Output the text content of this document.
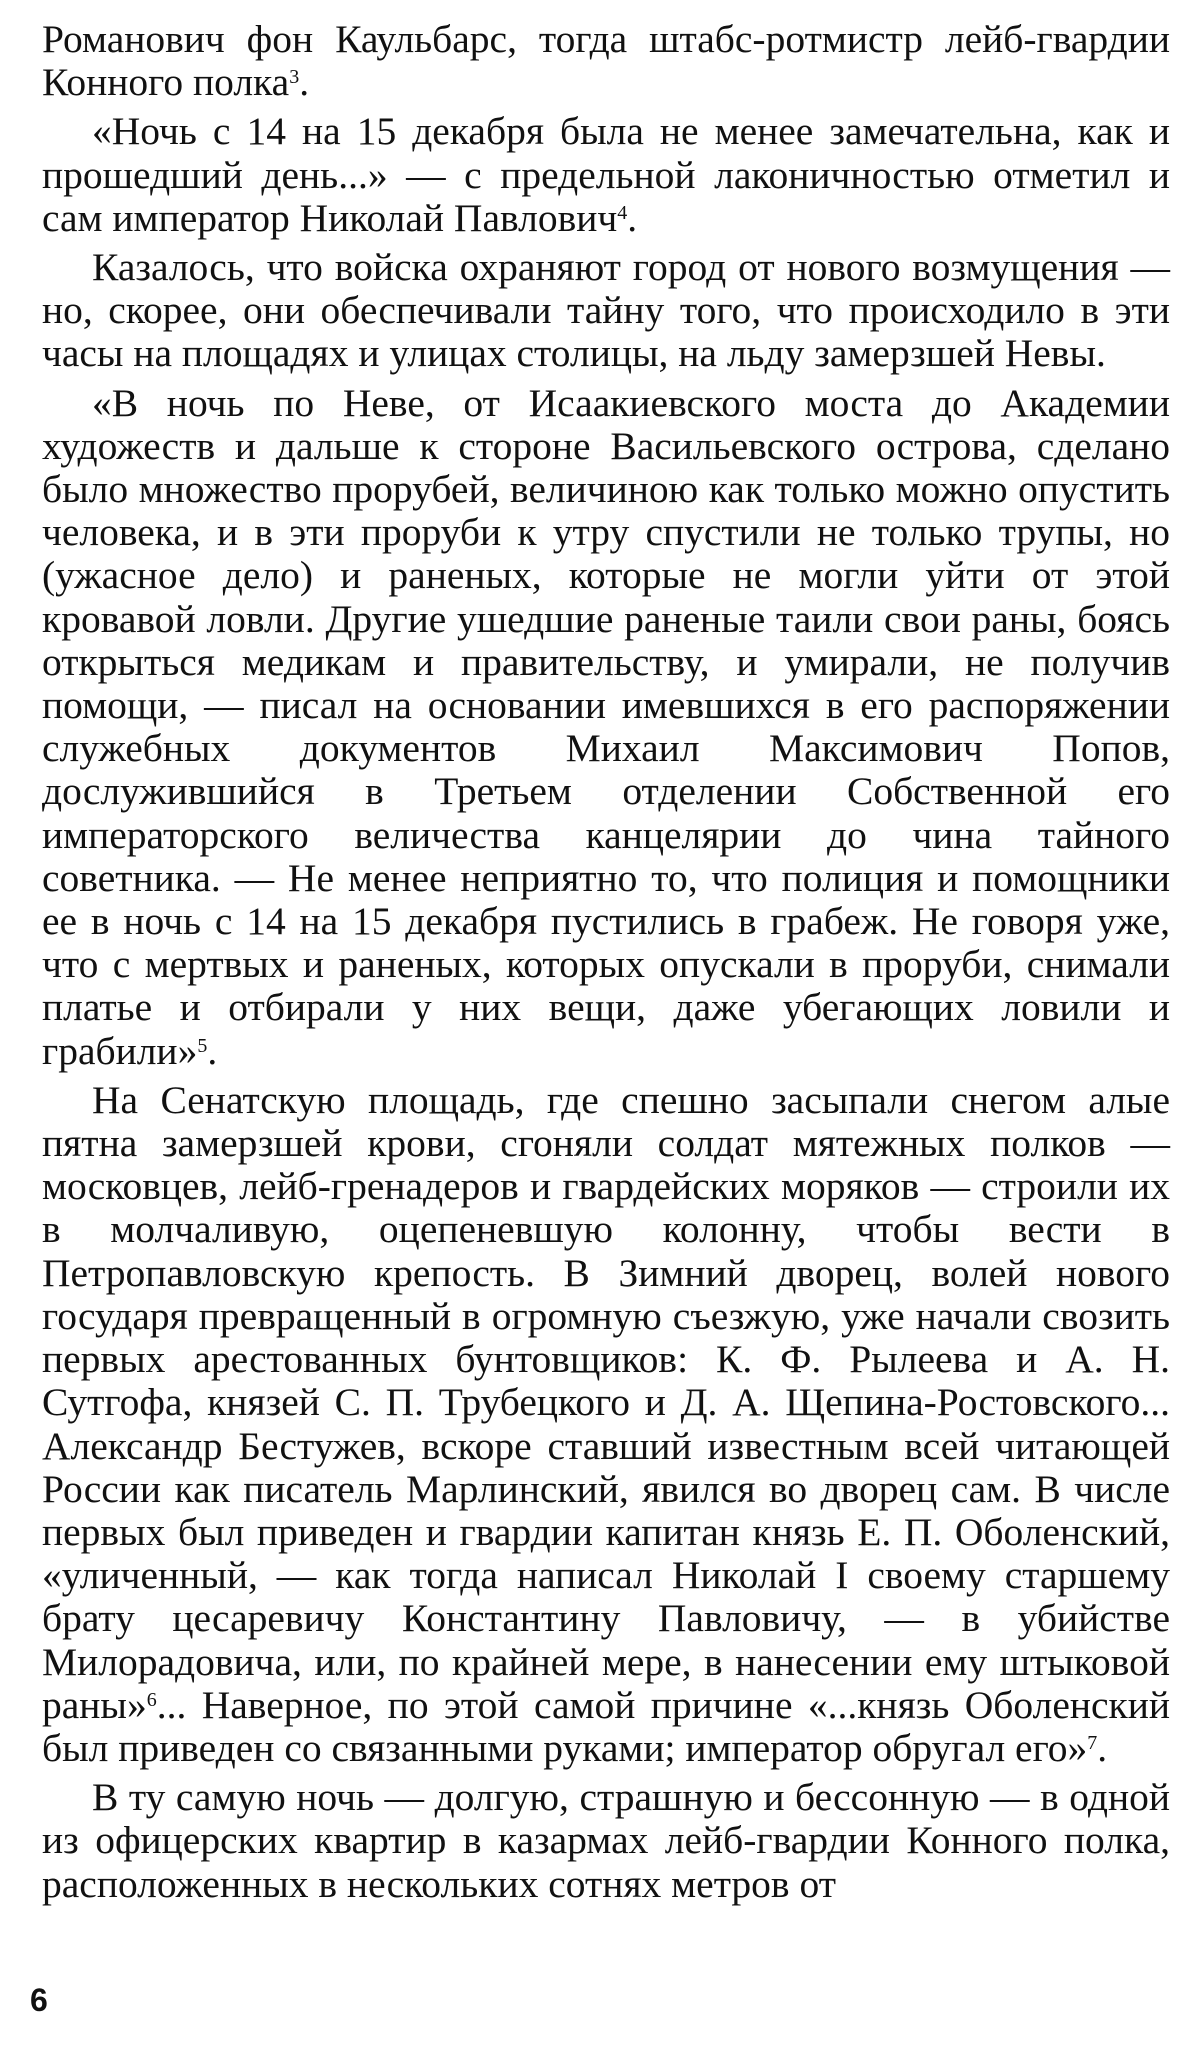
Романович фон Каульбарс, тогда штабс-ротмистр лейб-гвардии Конного полка$^3$.

«Ночь с 14 на 15 декабря была не менее замечательна, как и прошедший день...» — с предельной лаконичностью отметил и сам император Николай Павлович$^4$.

Казалось, что войска охраняют город от нового возмущения — но, скорее, они обеспечивали тайну того, что происходило в эти часы на площадях и улицах столицы, на льду замерзшей Невы.

«В ночь по Неве, от Исаакиевского моста до Академии художеств и дальше к стороне Васильевского острова, сделано было множество прорубей, величиною как только можно опустить человека, и в эти проруби к утру спустили не только трупы, но (ужасное дело) и раненых, которые не могли уйти от этой кровавой ловли. Другие ушедшие раненые таили свои раны, боясь открыться медикам и правительству, и умирали, не получив помощи, — писал на основании имевшихся в его распоряжении служебных документов Михаил Максимович Попов, дослужившийся в Третьем отделении Собственной его императорского величества канцелярии до чина тайного советника. — Не менее неприятно то, что полиция и помощники ее в ночь с 14 на 15 декабря пустились в грабеж. Не говоря уже, что с мертвых и раненых, которых опускали в проруби, снимали платье и отбирали у них вещи, даже убегающих ловили и грабили»$^5$.

На Сенатскую площадь, где спешно засыпали снегом алые пятна замерзшей крови, сгоняли солдат мятежных полков — московцев, лейб-гренадеров и гвардейских моряков — строили их в молчаливую, оцепеневшую колонну, чтобы вести в Петропавловскую крепость. В Зимний дворец, волей нового государя превращенный в огромную съезжую, уже начали свозить первых арестованных бунтовщиков: К. Ф. Рылеева и А. Н. Сутгофа, князей С. П. Трубецкого и Д. А. Щепина-Ростовского... Александр Бестужев, вскоре ставший известным всей читающей России как писатель Марлинский, явился во дворец сам. В числе первых был приведен и гвардии капитан князь Е. П. Оболенский, «уличенный, — как тогда написал Николай I своему старшему брату цесаревичу Константину Павловичу, — в убийстве Милорадовича, или, по крайней мере, в нанесении ему штыковой раны»$^6$... Наверное, по этой самой причине «...князь Оболенский был приведен со связанными руками; император обругал его»$^7$.

В ту самую ночь — долгую, страшную и бессонную — в одной из офицерских квартир в казармах лейб-гвардии Конного полка, расположенных в нескольких сотнях метров от

6
